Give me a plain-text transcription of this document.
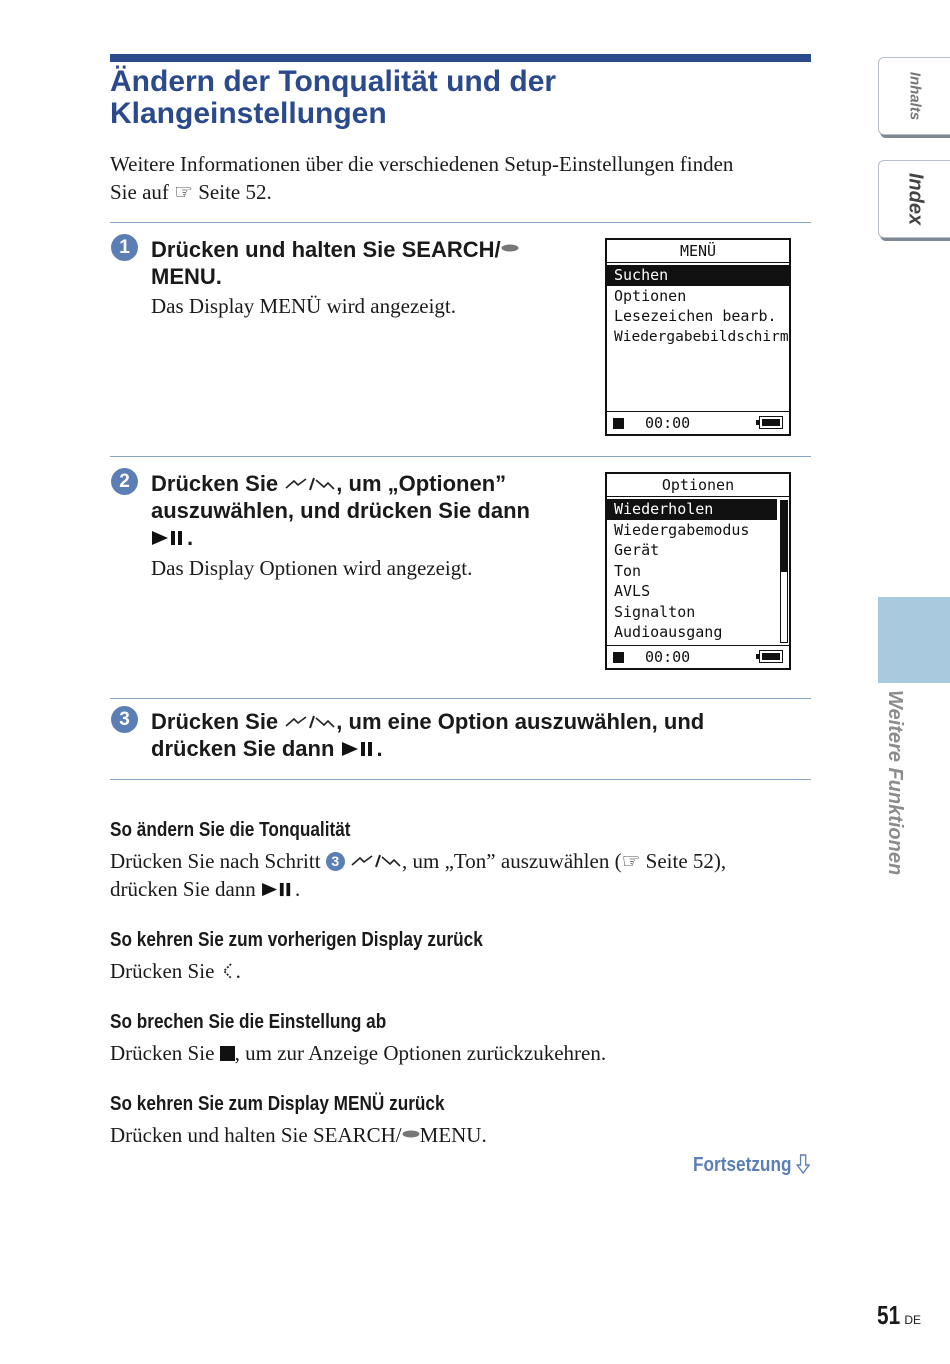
Ändern der Tonqualität und der
Klangeinstellungen
Weitere Informationen über die verschiedenen Setup-Einstellungen finden
Sie auf ☞ Seite 52.
1 Drücken und halten Sie SEARCH/
MENU.
Das Display MENÜ wird angezeigt.
MENÜ
Suchen
Optionen
Lesezeichen bearb.
Wiedergabebildschirm
00:00
2 Drücken Sie	, um „Optionen”
auszuwählen, und drücken Sie dann
.
Das Display Optionen wird angezeigt.
Optionen
Wiederholen
Wiedergabemodus
Gerät
Ton
AVLS
Signalton
Audioausgang
00:00
3 Drücken Sie	, um eine Option auszuwählen, und
drücken Sie dann .
So ändern Sie die Tonqualität
Drücken Sie nach Schritt 3	, um „Ton” auszuwählen (☞ Seite 52),
drücken Sie dann .
So kehren Sie zum vorherigen Display zurück
Drücken Sie .
So brechen Sie die Einstellung ab
Drücken Sie , um zur Anzeige Optionen zurückzukehren.
So kehren Sie zum Display MENÜ zurück
Drücken und halten Sie SEARCH/ MENU.
Fortsetzung
51 DE
Inhalts
Index
Weitere Funktionen
